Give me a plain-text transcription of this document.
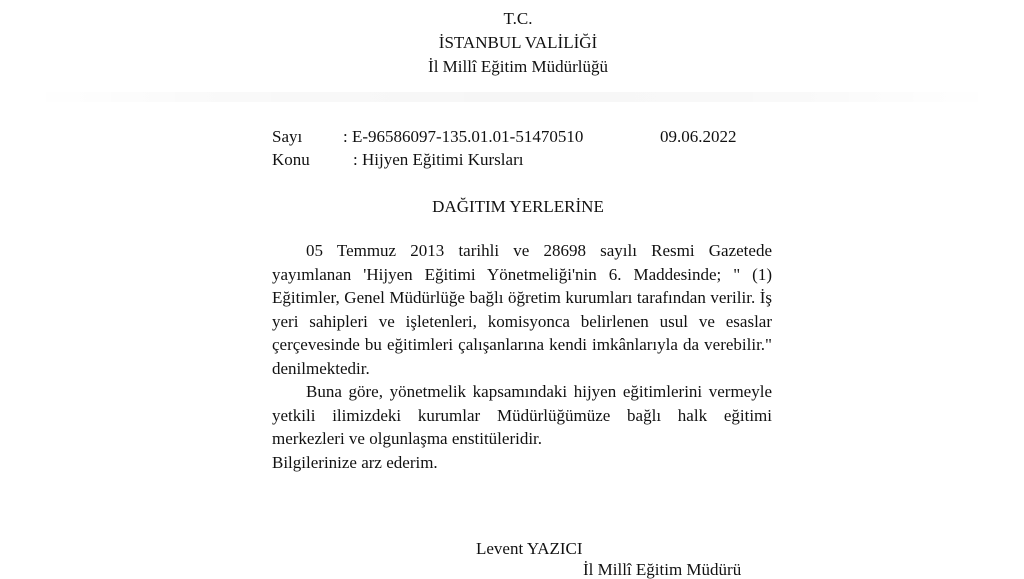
T.C.
İSTANBUL VALİLİĞİ
İl Millî Eğitim Müdürlüğü
Sayı : E-96586097-135.01.01-51470510	09.06.2022
Konu	: Hijyen Eğitimi Kursları
DAĞITIM YERLERİNE

05 Temmuz 2013 tarihli ve 28698 sayılı Resmi Gazetede yayımlanan 'Hijyen Eğitimi Yönetmeliği'nin 6. Maddesinde; " (1) Eğitimler, Genel Müdürlüğe bağlı öğretim kurumları tarafından verilir. İş yeri sahipleri ve işletenleri, komisyonca belirlenen usul ve esaslar çerçevesinde bu eğitimleri çalışanlarına kendi imkânlarıyla da verebilir." denilmektedir.

Buna göre, yönetmelik kapsamındaki hijyen eğitimlerini vermeyle yetkili ilimizdeki kurumlar Müdürlüğümüze bağlı halk eğitimi merkezleri ve olgunlaşma enstitüleridir.

Bilgilerinize arz ederim.

Levent YAZICI
İl Millî Eğitim Müdürü
